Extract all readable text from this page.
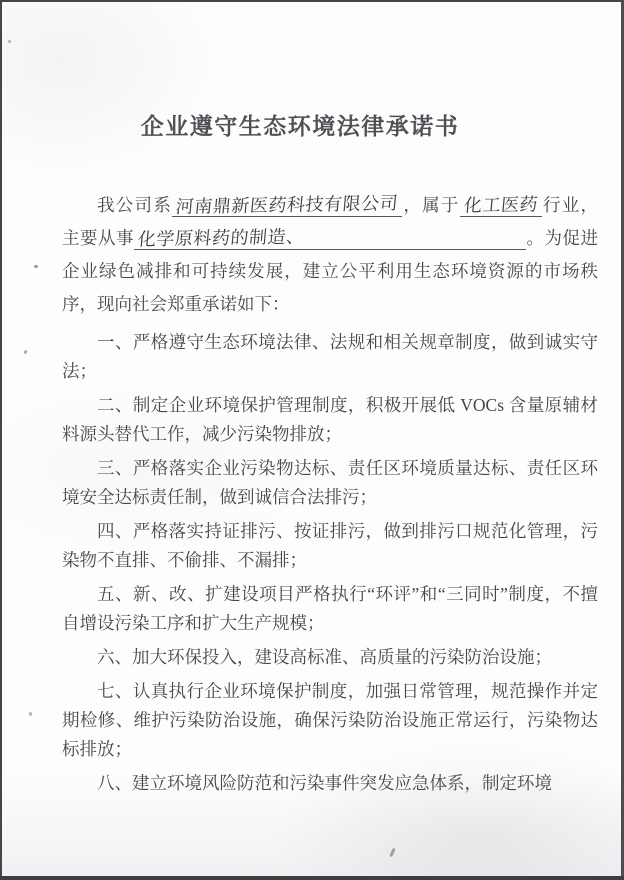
企业遵守生态环境法律承诺书

我公司系 河南鼎新医药科技有限公司 ，属于 化工医药 行业，主要从事 化学原料药的制造、	。为促进企业绿色减排和可持续发展，建立公平利用生态环境资源的市场秩序，现向社会郑重承诺如下：

一、严格遵守生态环境法律、法规和相关规章制度，做到诚实守法；

二、制定企业环境保护管理制度，积极开展低 VOCs 含量原辅材料源头替代工作，减少污染物排放；

三、严格落实企业污染物达标、责任区环境质量达标、责任区环境安全达标责任制，做到诚信合法排污；

四、严格落实持证排污、按证排污，做到排污口规范化管理，污染物不直排、不偷排、不漏排；

五、新、改、扩建设项目严格执行“环评”和“三同时”制度，不擅自增设污染工序和扩大生产规模；

六、加大环保投入，建设高标准、高质量的污染防治设施；

七、认真执行企业环境保护制度，加强日常管理，规范操作并定期检修、维护污染防治设施，确保污染防治设施正常运行，污染物达标排放；

八、建立环境风险防范和污染事件突发应急体系，制定环境
